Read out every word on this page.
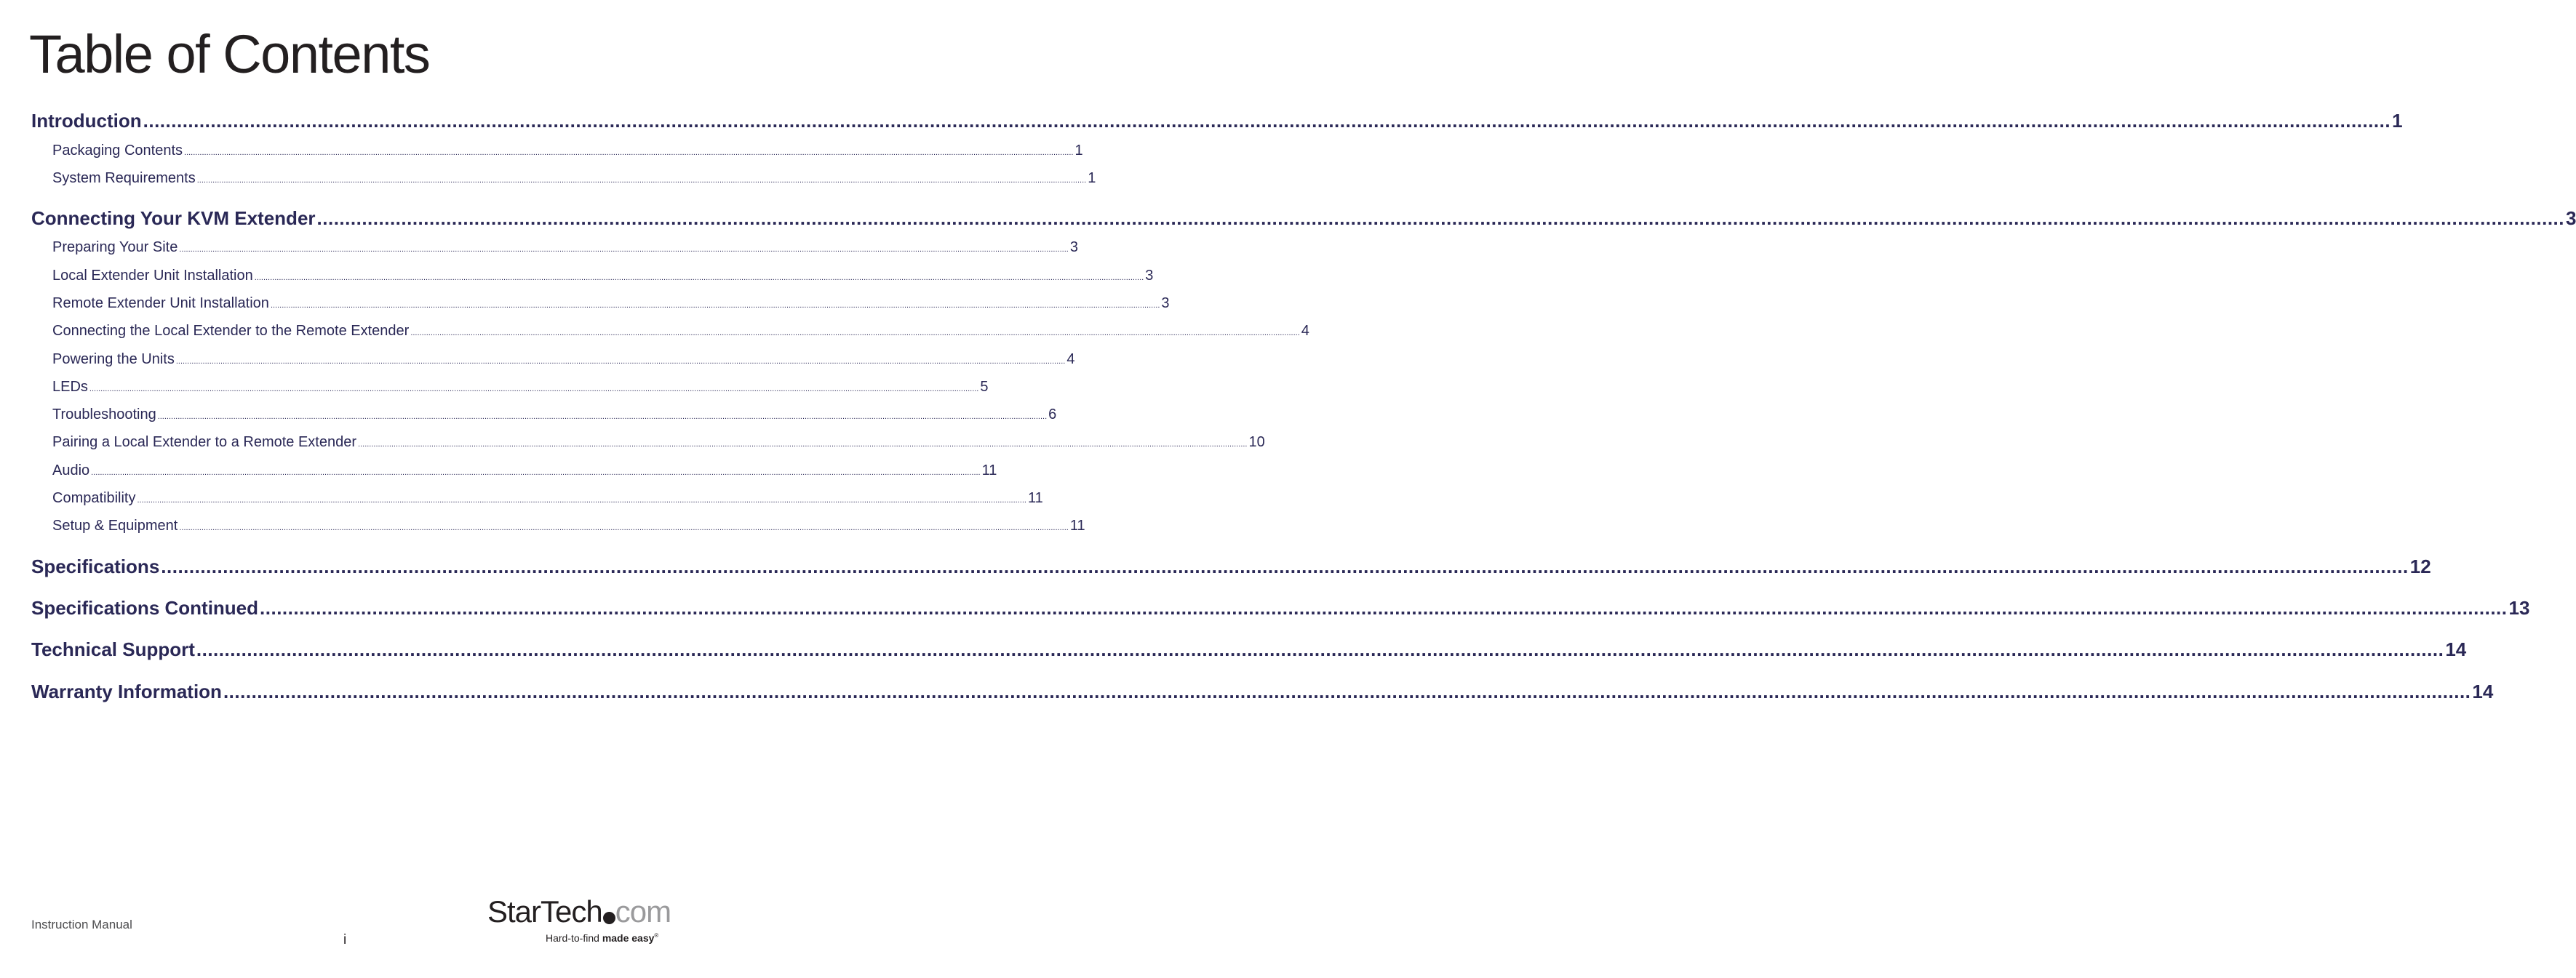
Table of Contents
Introduction ................................................................................................................................................................................................................................................................................................................................................................................................................ 1
Packaging Contents ................................................................................................................................................................................................................................................................................................................................................................................................................ 1
System Requirements ................................................................................................................................................................................................................................................................................................................................................................................................................ 1
Connecting Your KVM Extender ................................................................................................................................................................................................................................................................................................................................................................................................................ 3
Preparing Your Site ................................................................................................................................................................................................................................................................................................................................................................................................................ 3
Local Extender Unit Installation ................................................................................................................................................................................................................................................................................................................................................................................................................ 3
Remote Extender Unit Installation ................................................................................................................................................................................................................................................................................................................................................................................................................ 3
Connecting the Local Extender to the Remote Extender ................................................................................................................................................................................................................................................................................................................................................................................................................ 4
Powering the Units ................................................................................................................................................................................................................................................................................................................................................................................................................ 4
LEDs ................................................................................................................................................................................................................................................................................................................................................................................................................ 5
Troubleshooting ................................................................................................................................................................................................................................................................................................................................................................................................................ 6
Pairing a Local Extender to a Remote Extender ................................................................................................................................................................................................................................................................................................................................................................................................................ 10
Audio ................................................................................................................................................................................................................................................................................................................................................................................................................ 11
Compatibility ................................................................................................................................................................................................................................................................................................................................................................................................................ 11
Setup & Equipment ................................................................................................................................................................................................................................................................................................................................................................................................................ 11
Specifications ................................................................................................................................................................................................................................................................................................................................................................................................................ 12
Specifications Continued ................................................................................................................................................................................................................................................................................................................................................................................................................ 13
Technical Support ................................................................................................................................................................................................................................................................................................................................................................................................................ 14
Warranty Information ................................................................................................................................................................................................................................................................................................................................................................................................................ 14
Instruction Manual
i
StarTech com
Hard-to-find made easy®
